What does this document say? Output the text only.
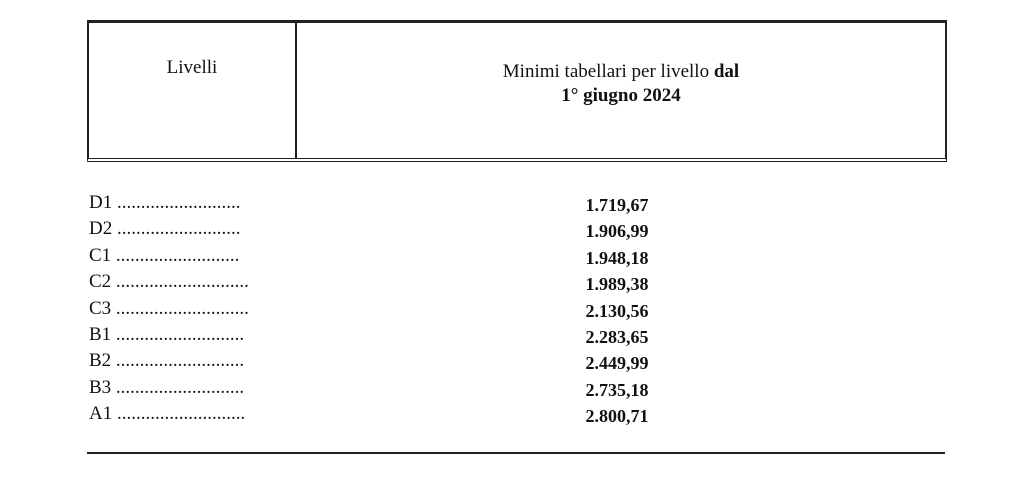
Livelli	Minimi tabellari per livello dal
1° giugno 2024
D1 ..........................	1.719,67
D2 ..........................	1.906,99
C1 ..........................	1.948,18
C2 ............................	1.989,38
C3 ............................	2.130,56
B1 ...........................	2.283,65
B2 ...........................	2.449,99
B3 ...........................	2.735,18
A1 ...........................	2.800,71
